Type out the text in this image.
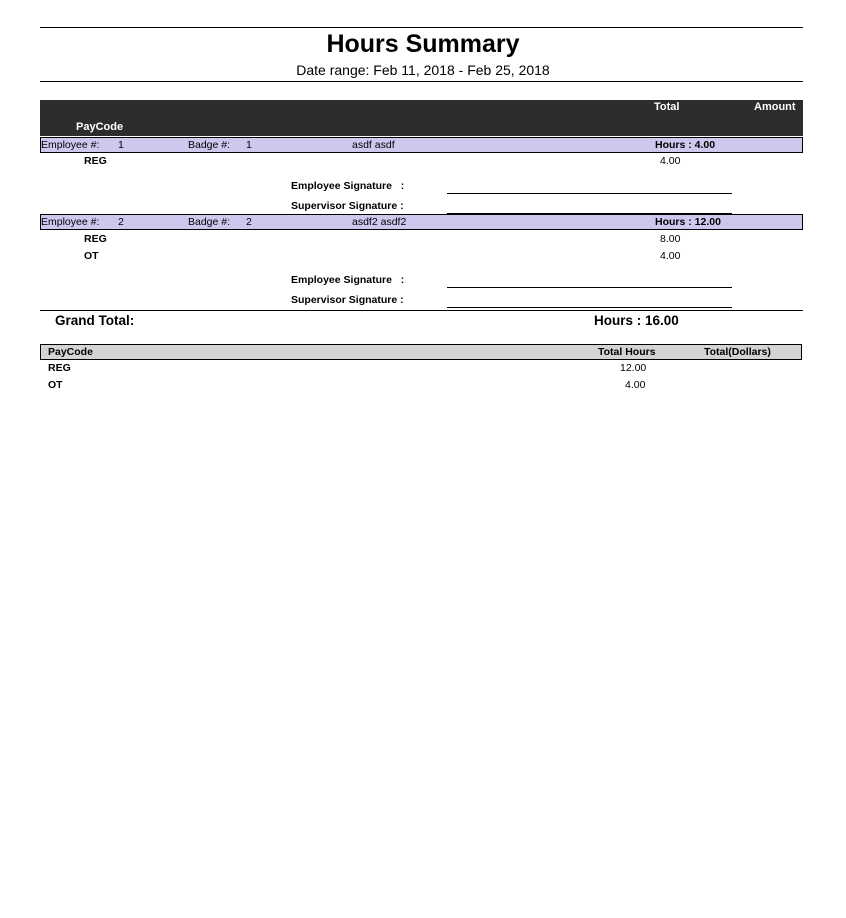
Hours Summary
Date range: Feb 11, 2018 - Feb 25, 2018
Total	Amount
PayCode
Employee #: 1	Badge #: 1	asdf asdf	Hours : 4.00
REG	4.00
Employee Signature   :
Supervisor Signature :
Employee #: 2	Badge #: 2	asdf2 asdf2	Hours : 12.00
REG	8.00
OT	4.00
Employee Signature   :
Supervisor Signature :
Grand Total:	Hours : 16.00
PayCode	Total Hours	Total(Dollars)
REG	12.00
OT	4.00
